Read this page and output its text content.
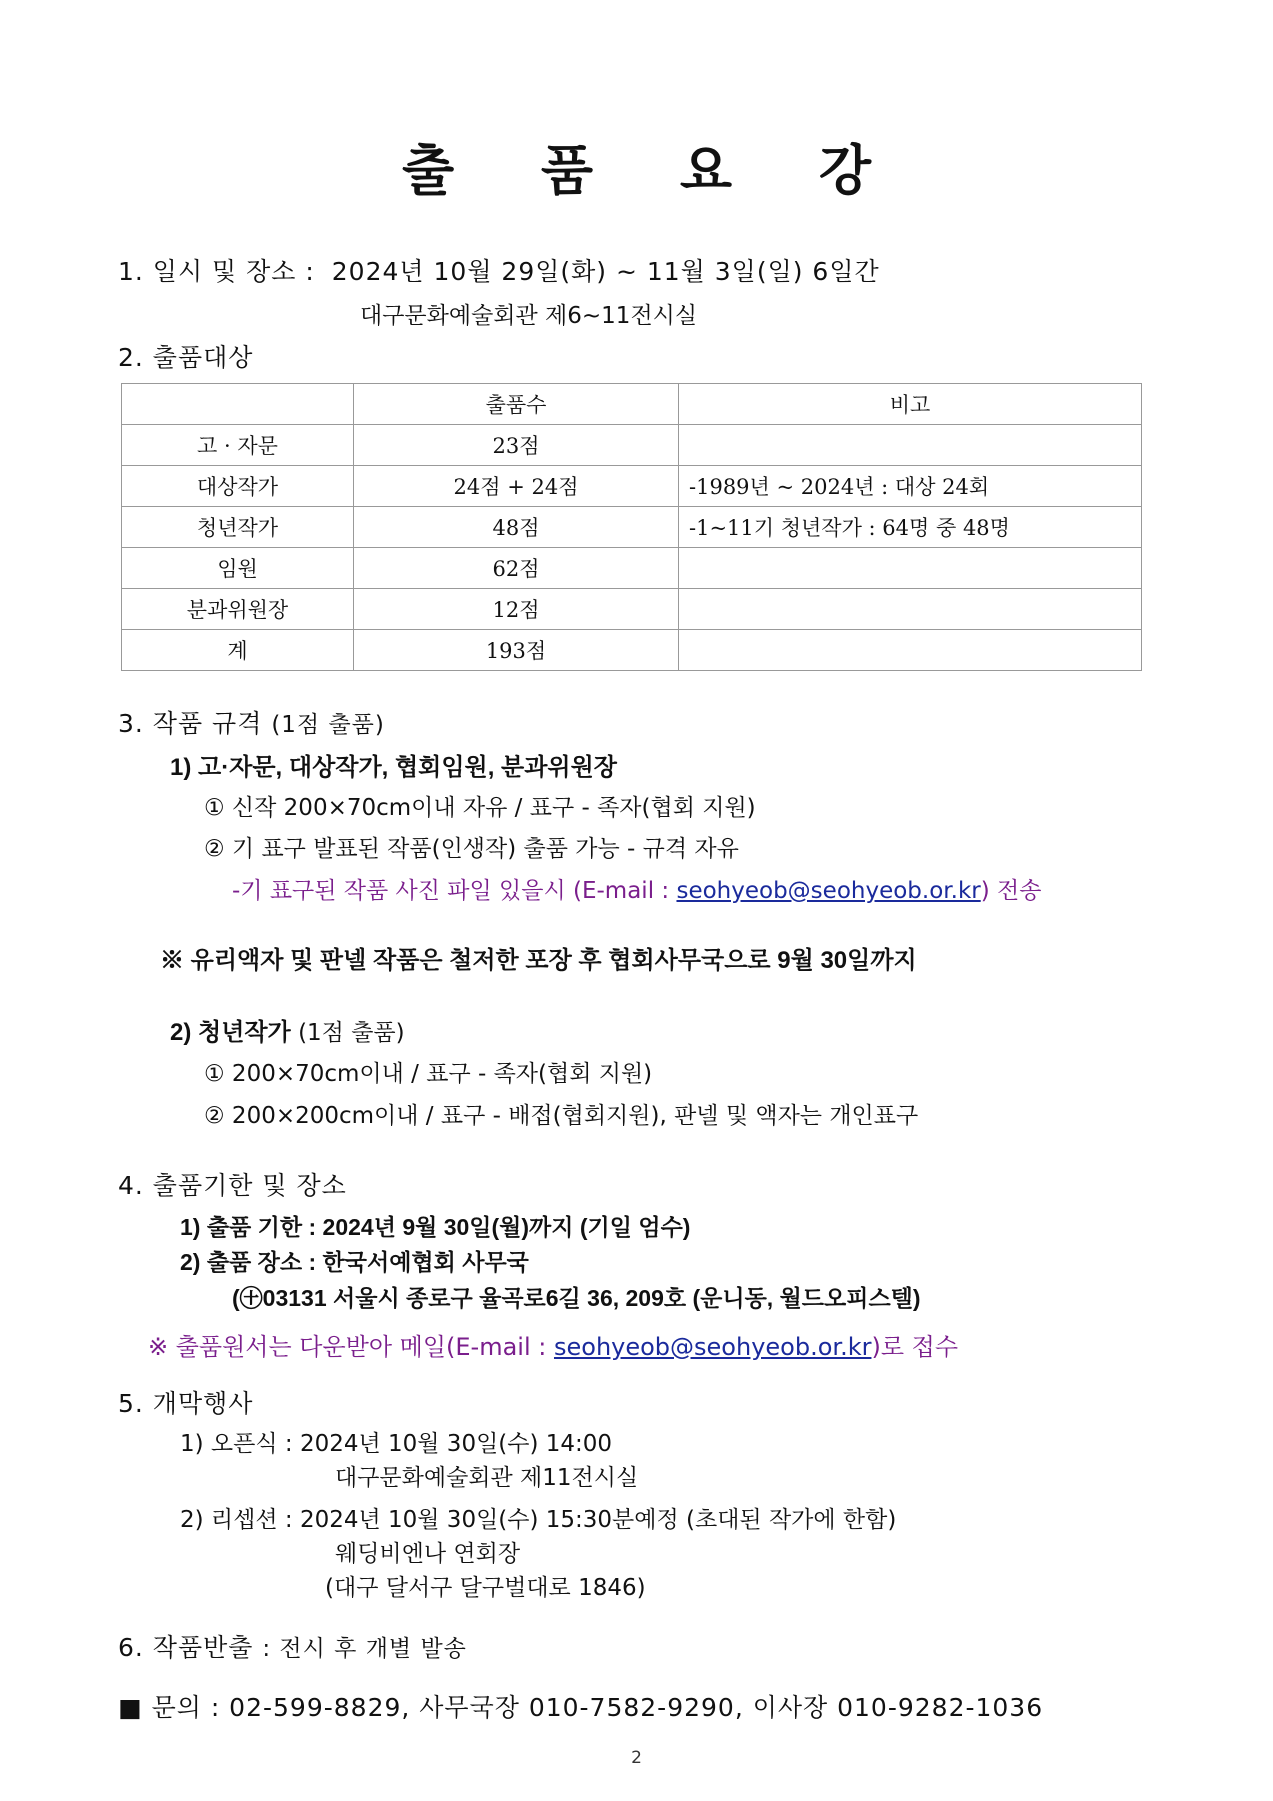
출 품 요 강
1. 일시 및 장소 : 2024년 10월 29일(화) ~ 11월 3일(일) 6일간
대구문화예술회관 제6~11전시실
2. 출품대상
	출품수	비고
고 · 자문	23점	
대상작가	24점 + 24점	-1989년 ~ 2024년 : 대상 24회
청년작가	48점	-1~11기 청년작가 : 64명 중 48명
임원	62점	
분과위원장	12점	
계	193점	
3. 작품 규격 (1점 출품)
1) 고·자문, 대상작가, 협회임원, 분과위원장
① 신작 200×70cm이내 자유 / 표구 - 족자(협회 지원)
② 기 표구 발표된 작품(인생작) 출품 가능 - 규격 자유
-기 표구된 작품 사진 파일 있을시 (E-mail : seohyeob@seohyeob.or.kr) 전송
※ 유리액자 및 판넬 작품은 철저한 포장 후 협회사무국으로 9월 30일까지
2) 청년작가 (1점 출품)
① 200×70cm이내 / 표구 - 족자(협회 지원)
② 200×200cm이내 / 표구 - 배접(협회지원), 판넬 및 액자는 개인표구
4. 출품기한 및 장소
1) 출품 기한 : 2024년 9월 30일(월)까지 (기일 엄수)
2) 출품 장소 : 한국서예협회 사무국
(㊉03131 서울시 종로구 율곡로6길 36, 209호 (운니동, 월드오피스텔)
※ 출품원서는 다운받아 메일(E-mail : seohyeob@seohyeob.or.kr)로 접수
5. 개막행사
1) 오픈식 : 2024년 10월 30일(수) 14:00
대구문화예술회관 제11전시실
2) 리셉션 : 2024년 10월 30일(수) 15:30분예정 (초대된 작가에 한함)
웨딩비엔나 연회장
(대구 달서구 달구벌대로 1846)
6. 작품반출 : 전시 후 개별 발송
■ 문의 : 02-599-8829, 사무국장 010-7582-9290, 이사장 010-9282-1036
2
